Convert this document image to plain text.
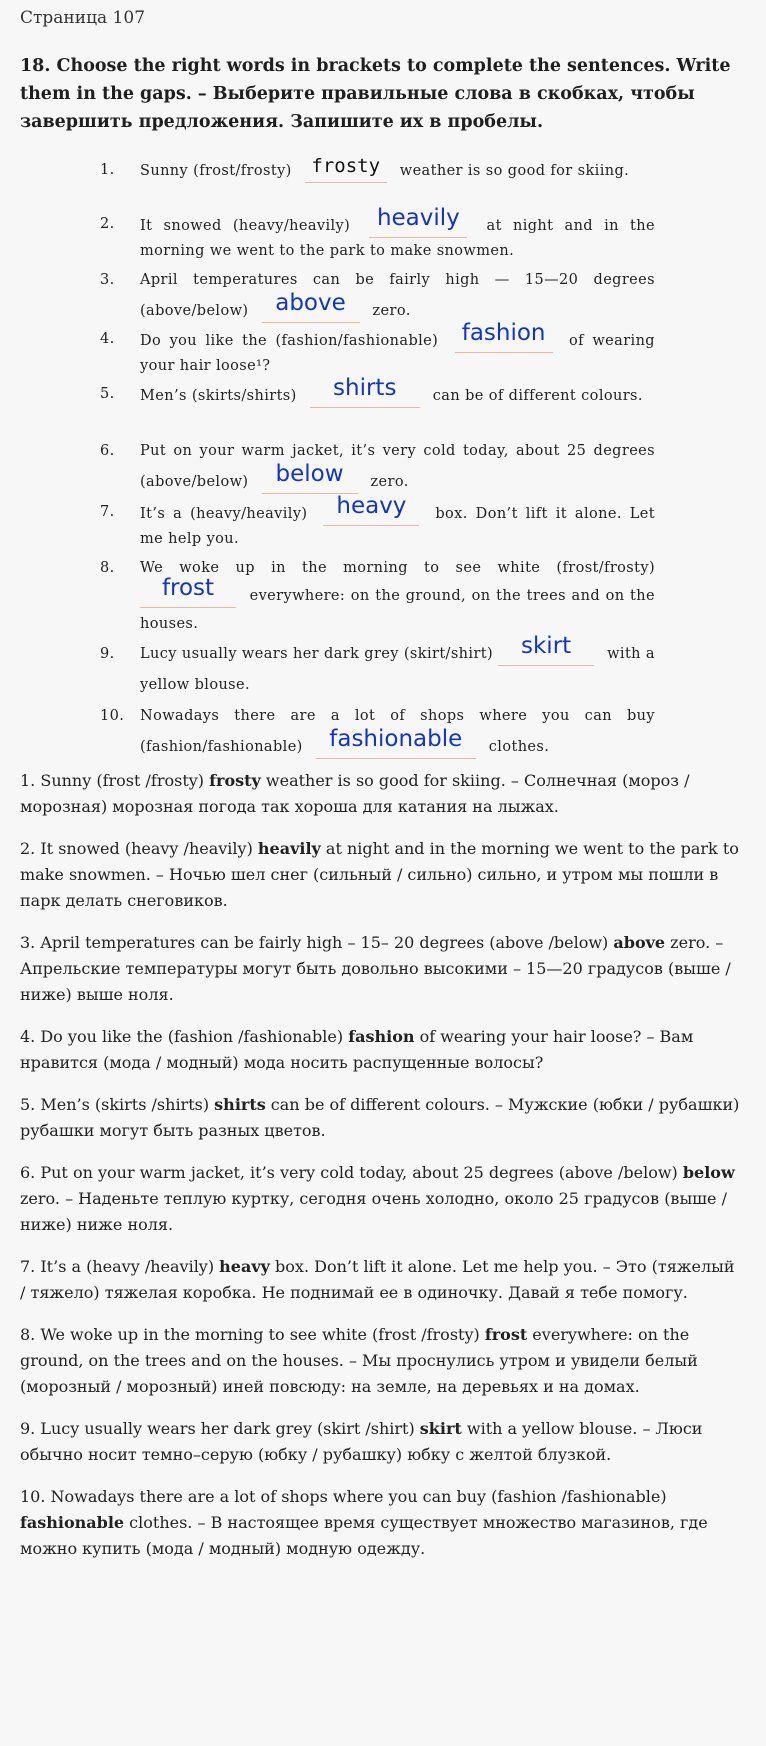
Страница 107
18. Choose the right words in brackets to complete the sentences. Write them in the gaps. – Выберите правильные слова в скобках, чтобы завершить предложения. Запишите их в пробелы.
1.	Sunny (frost/frosty) frosty weather is so good for skiing.
2.	It snowed (heavy/heavily) heavily at night and in the morning we went to the park to make snowmen.
3.	April temperatures can be fairly high — 15—20 degrees (above/below) above zero.
4.	Do you like the (fashion/fashionable) fashion of wearing your hair loose¹?
5.	Men’s (skirts/shirts) shirts	can be of different colours.
6.	Put on your warm jacket, it’s very cold today, about 25 degrees (above/below) below zero.
7.	It’s a (heavy/heavily) heavy box. Don’t lift it alone. Let me help you.
8.	We woke up in the morning to see white (frost/frosty) frost everywhere: on the ground, on the trees and on the houses.
9.	Lucy usually wears her dark grey (skirt/shirt) skirt with a yellow blouse.
10.	Nowadays there are a lot of shops where you can buy (fashion/fashionable) fashionable clothes.

1. Sunny (frost /frosty) frosty weather is so good for skiing. – Солнечная (мороз / морозная) морозная погода так хороша для катания на лыжах.

2. It snowed (heavy /heavily) heavily at night and in the morning we went to the park to make snowmen. – Ночью шел снег (сильный / сильно) сильно, и утром мы пошли в парк делать снеговиков.

3. April temperatures can be fairly high – 15– 20 degrees (above /below) above zero. – Апрельские температуры могут быть довольно высокими – 15—20 градусов (выше / ниже) выше ноля.

4. Do you like the (fashion /fashionable) fashion of wearing your hair loose? – Вам нравится (мода / модный) мода носить распущенные волосы?

5. Men’s (skirts /shirts) shirts can be of different colours. – Мужские (юбки / рубашки) рубашки могут быть разных цветов.

6. Put on your warm jacket, it’s very cold today, about 25 degrees (above /below) below zero. – Наденьте теплую куртку, сегодня очень холодно, около 25 градусов (выше / ниже) ниже ноля.

7. It’s a (heavy /heavily) heavy box. Don’t lift it alone. Let me help you. – Это (тяжелый / тяжело) тяжелая коробка. Не поднимай ее в одиночку. Давай я тебе помогу.

8. We woke up in the morning to see white (frost /frosty) frost everywhere: on the ground, on the trees and on the houses. – Мы проснулись утром и увидели белый (морозный / морозный) иней повсюду: на земле, на деревьях и на домах.

9. Lucy usually wears her dark grey (skirt /shirt) skirt with a yellow blouse. – Люси обычно носит темно–серую (юбку / рубашку) юбку с желтой блузкой.

10. Nowadays there are a lot of shops where you can buy (fashion /fashionable) fashionable clothes. – В настоящее время существует множество магазинов, где можно купить (мода / модный) модную одежду.
